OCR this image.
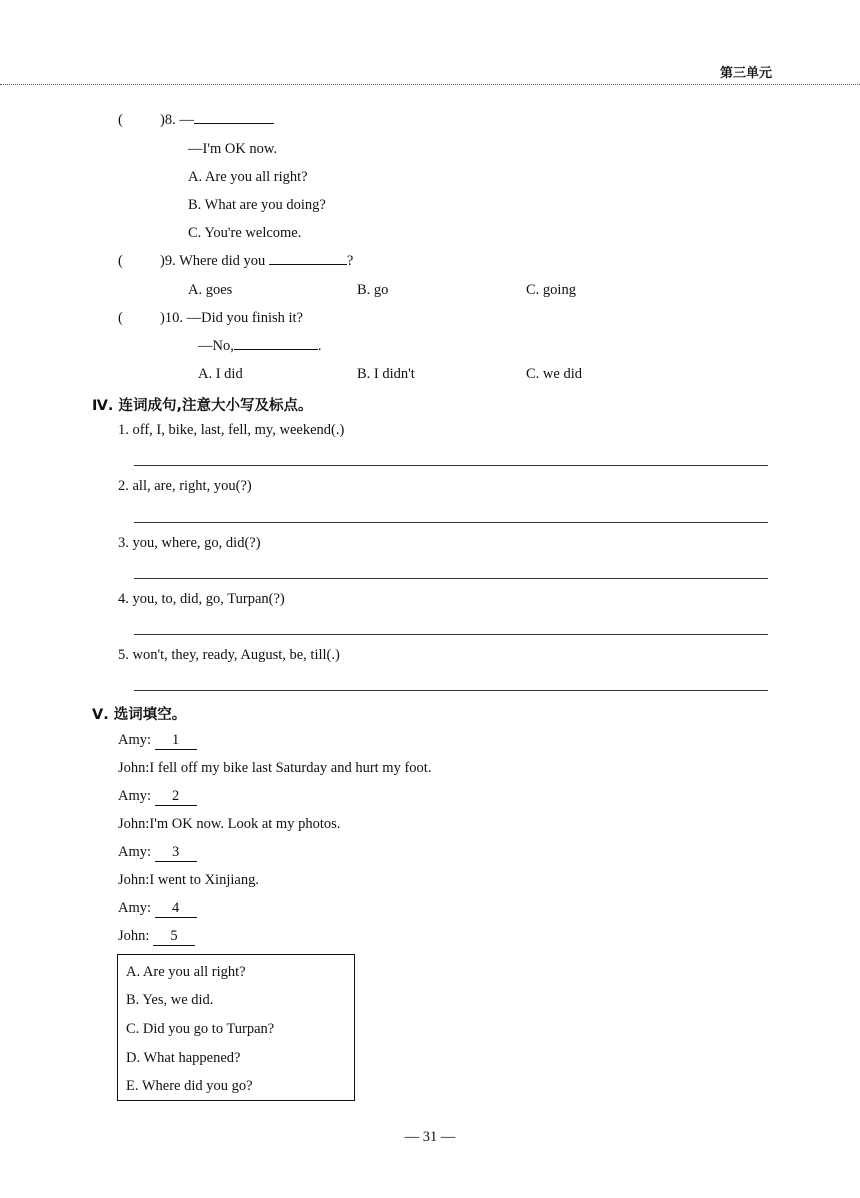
第三单元
(	)8. —
—I'm OK now.
A. Are you all right?
B. What are you doing?
C. You're welcome.
(	)9. Where did you	?
A. goes	B. go	C. going
(	)10. —Did you finish it?
—No,	.
A. I did	B. I didn't	C. we did
Ⅳ. 连词成句,注意大小写及标点。
1. off, I, bike, last, fell, my, weekend(.)
2. all, are, right, you(?)
3. you, where, go, did(?)
4. you, to, did, go, Turpan(?)
5. won't, they, ready, August, be, till(.)
Ⅴ. 选词填空。
Amy: 1
John:I fell off my bike last Saturday and hurt my foot.
Amy: 2
John:I'm OK now. Look at my photos.
Amy: 3
John:I went to Xinjiang.
Amy: 4
John: 5
A. Are you all right?
B. Yes, we did.
C. Did you go to Turpan?
D. What happened?
E. Where did you go?
— 31 —
